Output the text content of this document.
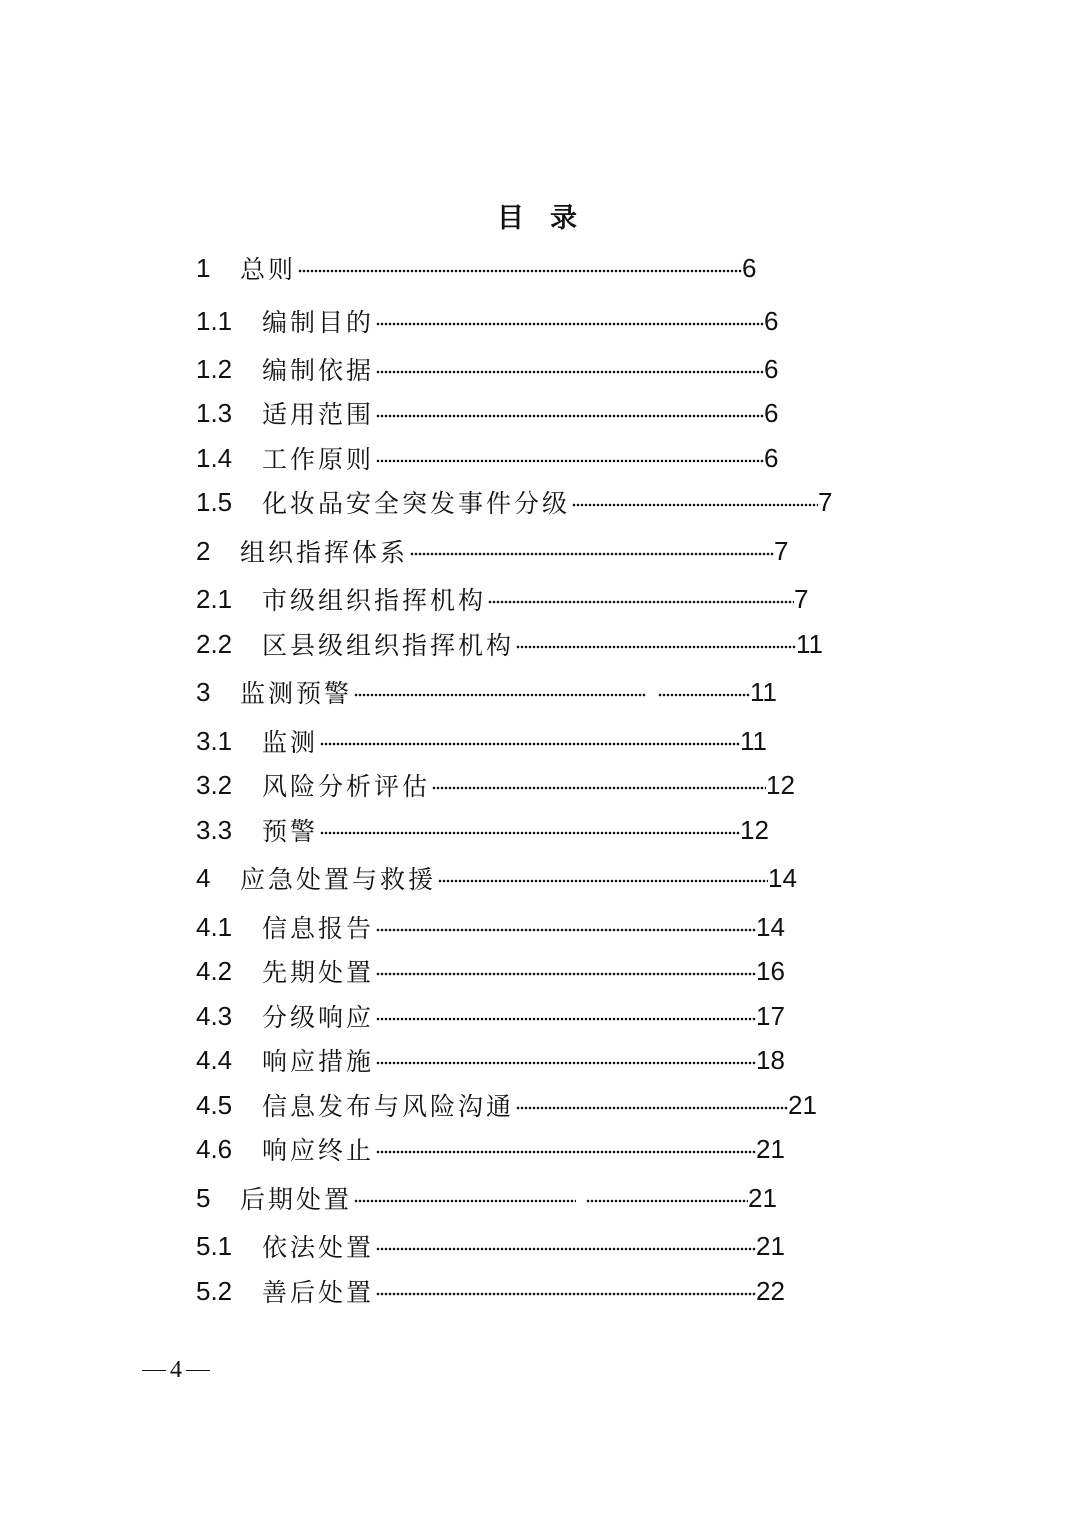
目 录
1	总则	6
1.1	编制目的	6
1.2	编制依据	6
1.3	适用范围	6
1.4	工作原则	6
1.5	化妆品安全突发事件分级	7
2	组织指挥体系	7
2.1	市级组织指挥机构	7
2.2	区县级组织指挥机构	11
3	监测预警	11
3.1	监测	11
3.2	风险分析评估	12
3.3	预警	12
4	应急处置与救援	14
4.1	信息报告	14
4.2	先期处置	16
4.3	分级响应	17
4.4	响应措施	18
4.5	信息发布与风险沟通	21
4.6	响应终止	21
5	后期处置	21
5.1	依法处置	21
5.2	善后处置	22
4
